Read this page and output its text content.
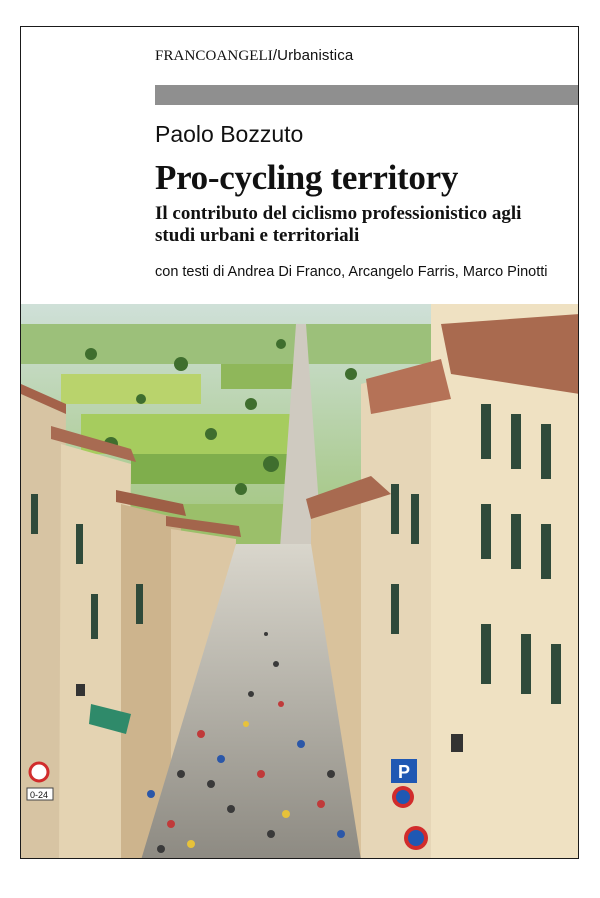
FRANCOANGELI/Urbanistica
Paolo Bozzuto
Pro-cycling territory
Il contributo del ciclismo professionistico agli
studi urbani e territoriali
con testi di Andrea Di Franco, Arcangelo Farris, Marco Pinotti
P
0-24
